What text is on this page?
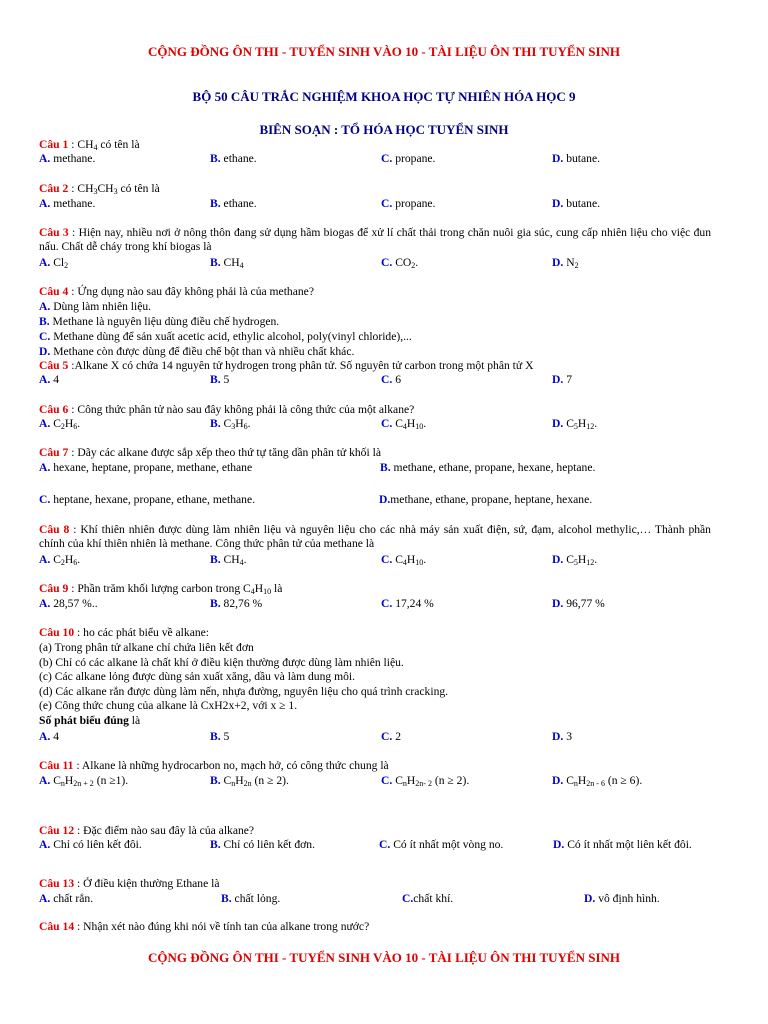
CỘNG ĐỒNG ÔN THI - TUYỂN SINH VÀO 10 - TÀI LIỆU ÔN THI TUYỂN SINH
BỘ 50 CÂU TRẮC NGHIỆM KHOA HỌC TỰ NHIÊN HÓA HỌC 9
BIÊN SOẠN : TỔ HÓA HỌC TUYỂN SINH
Câu 1 : $CH_4$ có tên là
A. methane.	B. ethane.	C. propane.	D. butane.
Câu 2 : $CH_3CH_3$ có tên là
A. methane.	B. ethane.	C. propane.	D. butane.
Câu 3 : Hiện nay, nhiều nơi ở nông thôn đang sử dụng hầm biogas để xử lí chất thải trong chăn nuôi gia súc, cung cấp nhiên liệu cho việc đun nấu. Chất dễ cháy trong khí biogas là
A. $Cl_2$	B. $CH_4$	C. $CO_2$.	D. $N_2$
Câu 4 : Ứng dụng nào sau đây không phải là của methane?
A. Dùng làm nhiên liệu.
B. Methane là nguyên liệu dùng điều chế hydrogen.
C. Methane dùng để sản xuất acetic acid, ethylic alcohol, poly(vinyl chloride),...
D. Methane còn được dùng để điều chế bột than và nhiều chất khác.
Câu 5 :Alkane X có chứa 14 nguyên tử hydrogen trong phân tử. Số nguyên tử carbon trong một phân tử X
A. 4	B. 5	C. 6	D. 7
Câu 6 : Công thức phân tử nào sau đây không phải là công thức của một alkane?
A. $C_2H_6$.	B. $C_3H_6$.	C. $C_4H_{10}$.	D. $C_5H_{12}$.
Câu 7 : Dãy các alkane được sắp xếp theo thứ tự tăng dần phân tử khối là
A. hexane, heptane, propane, methane, ethane	B. methane, ethane, propane, hexane, heptane.
C. heptane, hexane, propane, ethane, methane.	D.methane, ethane, propane, heptane, hexane.
Câu 8 : Khí thiên nhiên được dùng làm nhiên liệu và nguyên liệu cho các nhà máy sản xuất điện, sứ, đạm, alcohol methylic,… Thành phần chính của khí thiên nhiên là methane. Công thức phân tử của methane là
A. $C_2H_6$.	B. $CH_4$.	C. $C_4H_{10}$.	D. $C_5H_{12}$.
Câu 9 : Phần trăm khối lượng carbon trong $C_4H_{10}$ là
A. 28,57 %..	B. 82,76 %	C. 17,24 %	D. 96,77 %
Câu 10 : ho các phát biểu về alkane:
(a) Trong phân tử alkane chỉ chứa liên kết đơn
(b) Chỉ có các alkane là chất khí ở điều kiện thường được dùng làm nhiên liệu.
(c) Các alkane lỏng được dùng sản xuất xăng, dầu và làm dung môi.
(d) Các alkane rắn được dùng làm nến, nhựa đường, nguyên liệu cho quá trình cracking.
(e) Công thức chung của alkane là CxH2x+2, với x ≥ 1.
Số phát biểu đúng là
A. 4	B. 5	C. 2	D. 3
Câu 11 : Alkane là những hydrocarbon no, mạch hở, có công thức chung là
A. $C_nH_{2n + 2}$ (n ≥1).	B. $C_nH_{2n}$ (n ≥ 2).	C. $C_nH_{2n- 2}$ (n ≥ 2).	D. $C_nH_{2n - 6}$ (n ≥ 6).
Câu 12 : Đặc điểm nào sau đây là của alkane?
A. Chỉ có liên kết đôi.	B. Chỉ có liên kết đơn.	C. Có ít nhất một vòng no.	D. Có ít nhất một liên kết đôi.
Câu 13 : Ở điều kiện thường Ethane là
A. chất rắn.	B. chất lỏng.	C.chất khí.	D. vô định hình.
Câu 14 : Nhận xét nào đúng khi nói về tính tan của alkane trong nước?
CỘNG ĐỒNG ÔN THI - TUYỂN SINH VÀO 10 - TÀI LIỆU ÔN THI TUYỂN SINH
